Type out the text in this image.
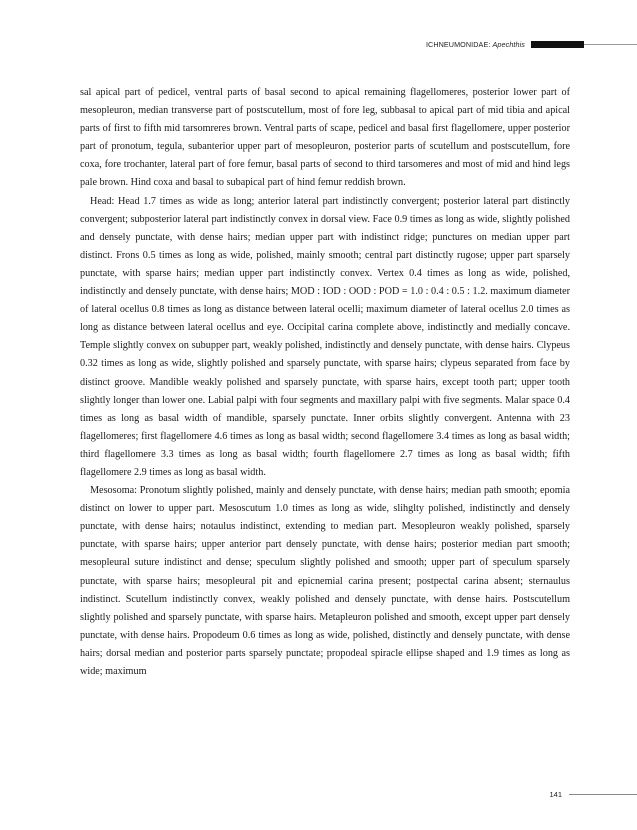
ICHNEUMONIDAE: Apechthis

sal apical part of pedicel, ventral parts of basal second to apical remaining flagellomeres, posterior lower part of mesopleuron, median transverse part of postscutellum, most of fore leg, subbasal to apical part of mid tibia and apical parts of first to fifth mid tarsomreres brown. Ventral parts of scape, pedicel and basal first flagellomere, upper posterior part of pronotum, tegula, subanterior upper part of mesopleuron, posterior parts of scutellum and postscutellum, fore coxa, fore trochanter, lateral part of fore femur, basal parts of second to third tarsomeres and most of mid and hind legs pale brown. Hind coxa and basal to subapical part of hind femur reddish brown.

Head: Head 1.7 times as wide as long; anterior lateral part indistinctly convergent; posterior lateral part distinctly convergent; subposterior lateral part indistinctly convex in dorsal view. Face 0.9 times as long as wide, slightly polished and densely punctate, with dense hairs; median upper part with indistinct ridge; punctures on median upper part distinct. Frons 0.5 times as long as wide, polished, mainly smooth; central part distinctly rugose; upper part sparsely punctate, with sparse hairs; median upper part indistinctly convex. Vertex 0.4 times as long as wide, polished, indistinctly and densely punctate, with dense hairs; MOD : IOD : OOD : POD = 1.0 : 0.4 : 0.5 : 1.2. maximum diameter of lateral ocellus 0.8 times as long as distance between lateral ocelli; maximum diameter of lateral ocellus 2.0 times as long as distance between lateral ocellus and eye. Occipital carina complete above, indistinctly and medially concave. Temple slightly convex on subupper part, weakly polished, indistinctly and densely punctate, with dense hairs. Clypeus 0.32 times as long as wide, slightly polished and sparsely punctate, with sparse hairs; clypeus separated from face by distinct groove. Mandible weakly polished and sparsely punctate, with sparse hairs, except tooth part; upper tooth slightly longer than lower one. Labial palpi with four segments and maxillary palpi with five segments. Malar space 0.4 times as long as basal width of mandible, sparsely punctate. Inner orbits slightly convergent. Antenna with 23 flagellomeres; first flagellomere 4.6 times as long as basal width; second flagellomere 3.4 times as long as basal width; third flagellomere 3.3 times as long as basal width; fourth flagellomere 2.7 times as long as basal width; fifth flagellomere 2.9 times as long as basal width.

Mesosoma: Pronotum slightly polished, mainly and densely punctate, with dense hairs; median path smooth; epomia distinct on lower to upper part. Mesoscutum 1.0 times as long as wide, slihglty polished, indistinctly and densely punctate, with dense hairs; notaulus indistinct, extending to median part. Mesopleuron weakly polished, sparsely punctate, with sparse hairs; upper anterior part densely punctate, with dense hairs; posterior median part smooth; mesopleural suture indistinct and dense; speculum slightly polished and smooth; upper part of speculum sparsely punctate, with sparse hairs; mesopleural pit and epicnemial carina present; postpectal carina absent; sternaulus indistinct. Scutellum indistinctly convex, weakly polished and densely punctate, with dense hairs. Postscutellum slightly polished and sparsely punctate, with sparse hairs. Metapleuron polished and smooth, except upper part densely punctate, with dense hairs. Propodeum 0.6 times as long as wide, polished, distinctly and densely punctate, with dense hairs; dorsal median and posterior parts sparsely punctate; propodeal spiracle ellipse shaped and 1.9 times as long as wide; maximum

141
